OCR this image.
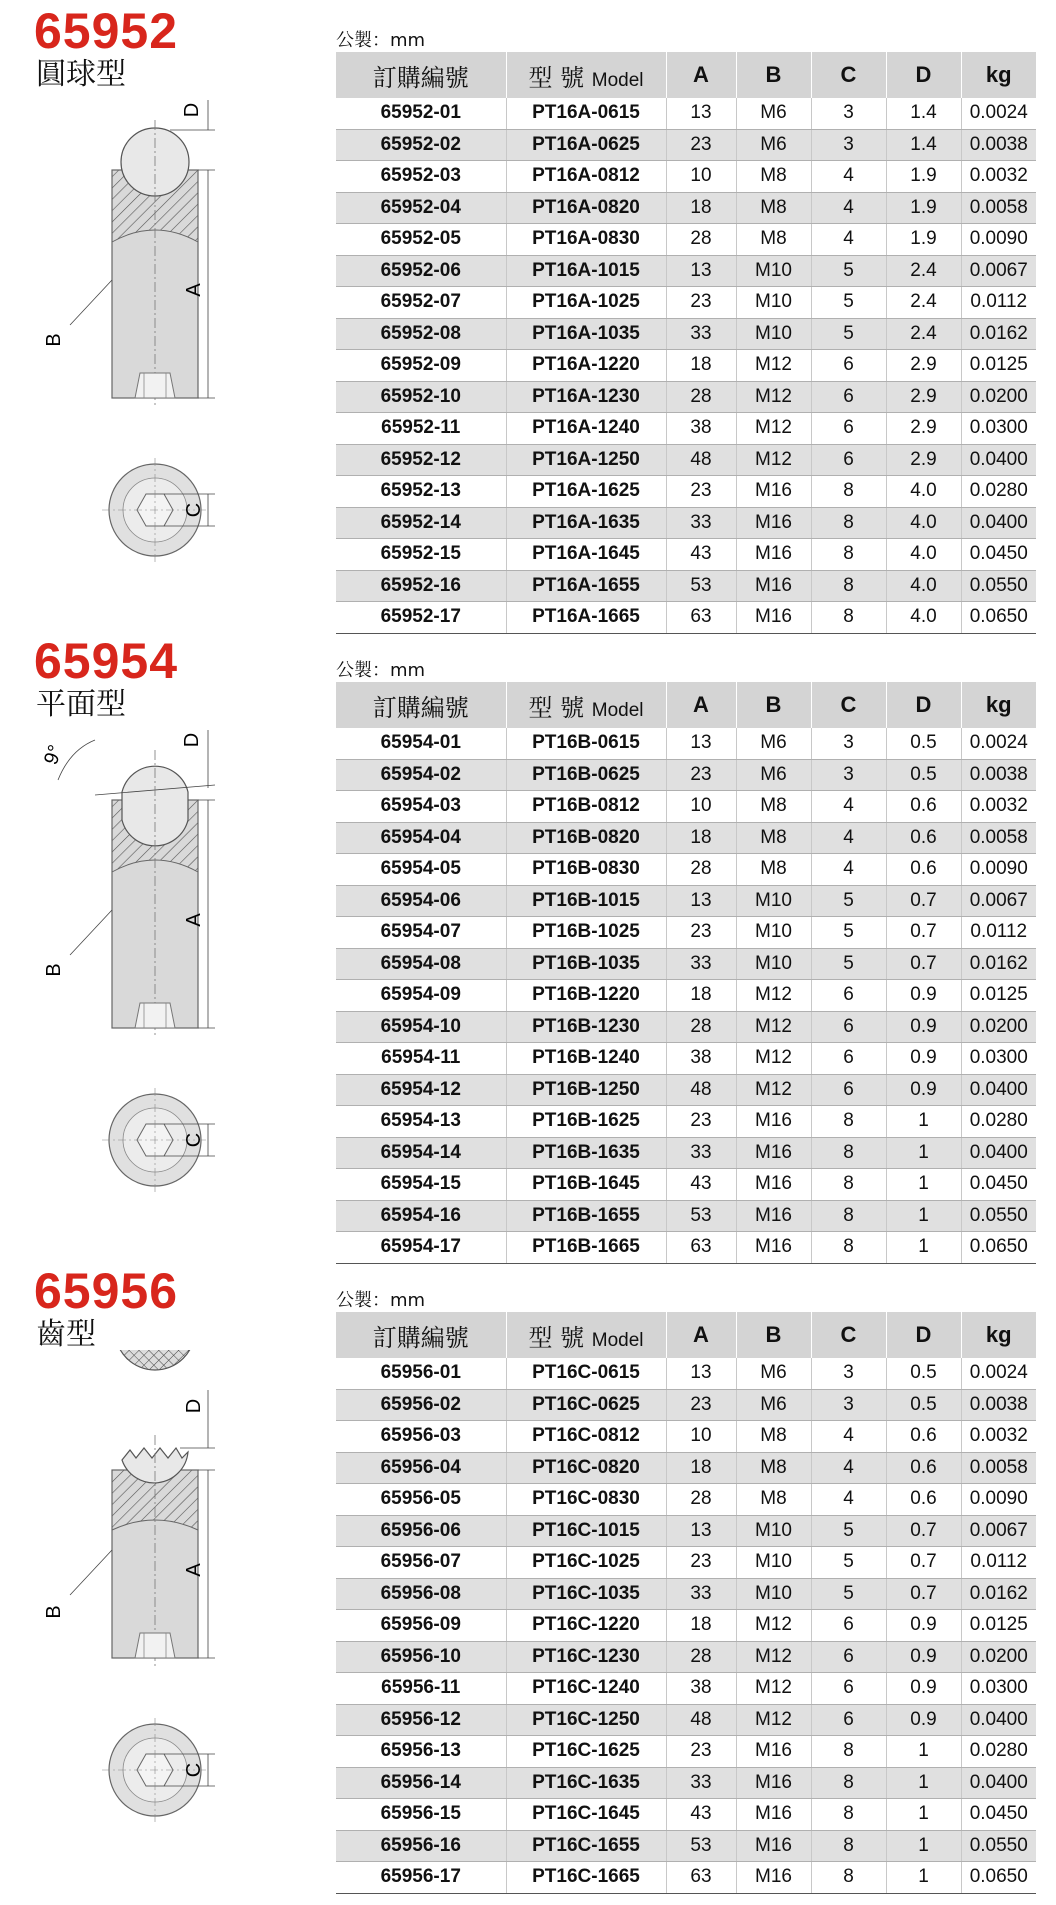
65952
圓球型
公製：mm
A
D
B
C
訂購編號	型 號 Model	A	B	C	D	kg
65952-01	PT16A-0615	13	M6	3	1.4	0.0024
65952-02	PT16A-0625	23	M6	3	1.4	0.0038
65952-03	PT16A-0812	10	M8	4	1.9	0.0032
65952-04	PT16A-0820	18	M8	4	1.9	0.0058
65952-05	PT16A-0830	28	M8	4	1.9	0.0090
65952-06	PT16A-1015	13	M10	5	2.4	0.0067
65952-07	PT16A-1025	23	M10	5	2.4	0.0112
65952-08	PT16A-1035	33	M10	5	2.4	0.0162
65952-09	PT16A-1220	18	M12	6	2.9	0.0125
65952-10	PT16A-1230	28	M12	6	2.9	0.0200
65952-11	PT16A-1240	38	M12	6	2.9	0.0300
65952-12	PT16A-1250	48	M12	6	2.9	0.0400
65952-13	PT16A-1625	23	M16	8	4.0	0.0280
65952-14	PT16A-1635	33	M16	8	4.0	0.0400
65952-15	PT16A-1645	43	M16	8	4.0	0.0450
65952-16	PT16A-1655	53	M16	8	4.0	0.0550
65952-17	PT16A-1665	63	M16	8	4.0	0.0650
65954
平面型
公製：mm
9°
A
D
B
C
訂購編號	型 號 Model	A	B	C	D	kg
65954-01	PT16B-0615	13	M6	3	0.5	0.0024
65954-02	PT16B-0625	23	M6	3	0.5	0.0038
65954-03	PT16B-0812	10	M8	4	0.6	0.0032
65954-04	PT16B-0820	18	M8	4	0.6	0.0058
65954-05	PT16B-0830	28	M8	4	0.6	0.0090
65954-06	PT16B-1015	13	M10	5	0.7	0.0067
65954-07	PT16B-1025	23	M10	5	0.7	0.0112
65954-08	PT16B-1035	33	M10	5	0.7	0.0162
65954-09	PT16B-1220	18	M12	6	0.9	0.0125
65954-10	PT16B-1230	28	M12	6	0.9	0.0200
65954-11	PT16B-1240	38	M12	6	0.9	0.0300
65954-12	PT16B-1250	48	M12	6	0.9	0.0400
65954-13	PT16B-1625	23	M16	8	1	0.0280
65954-14	PT16B-1635	33	M16	8	1	0.0400
65954-15	PT16B-1645	43	M16	8	1	0.0450
65954-16	PT16B-1655	53	M16	8	1	0.0550
65954-17	PT16B-1665	63	M16	8	1	0.0650
65956
齒型
公製：mm
A
D
B
C
訂購編號	型 號 Model	A	B	C	D	kg
65956-01	PT16C-0615	13	M6	3	0.5	0.0024
65956-02	PT16C-0625	23	M6	3	0.5	0.0038
65956-03	PT16C-0812	10	M8	4	0.6	0.0032
65956-04	PT16C-0820	18	M8	4	0.6	0.0058
65956-05	PT16C-0830	28	M8	4	0.6	0.0090
65956-06	PT16C-1015	13	M10	5	0.7	0.0067
65956-07	PT16C-1025	23	M10	5	0.7	0.0112
65956-08	PT16C-1035	33	M10	5	0.7	0.0162
65956-09	PT16C-1220	18	M12	6	0.9	0.0125
65956-10	PT16C-1230	28	M12	6	0.9	0.0200
65956-11	PT16C-1240	38	M12	6	0.9	0.0300
65956-12	PT16C-1250	48	M12	6	0.9	0.0400
65956-13	PT16C-1625	23	M16	8	1	0.0280
65956-14	PT16C-1635	33	M16	8	1	0.0400
65956-15	PT16C-1645	43	M16	8	1	0.0450
65956-16	PT16C-1655	53	M16	8	1	0.0550
65956-17	PT16C-1665	63	M16	8	1	0.0650
